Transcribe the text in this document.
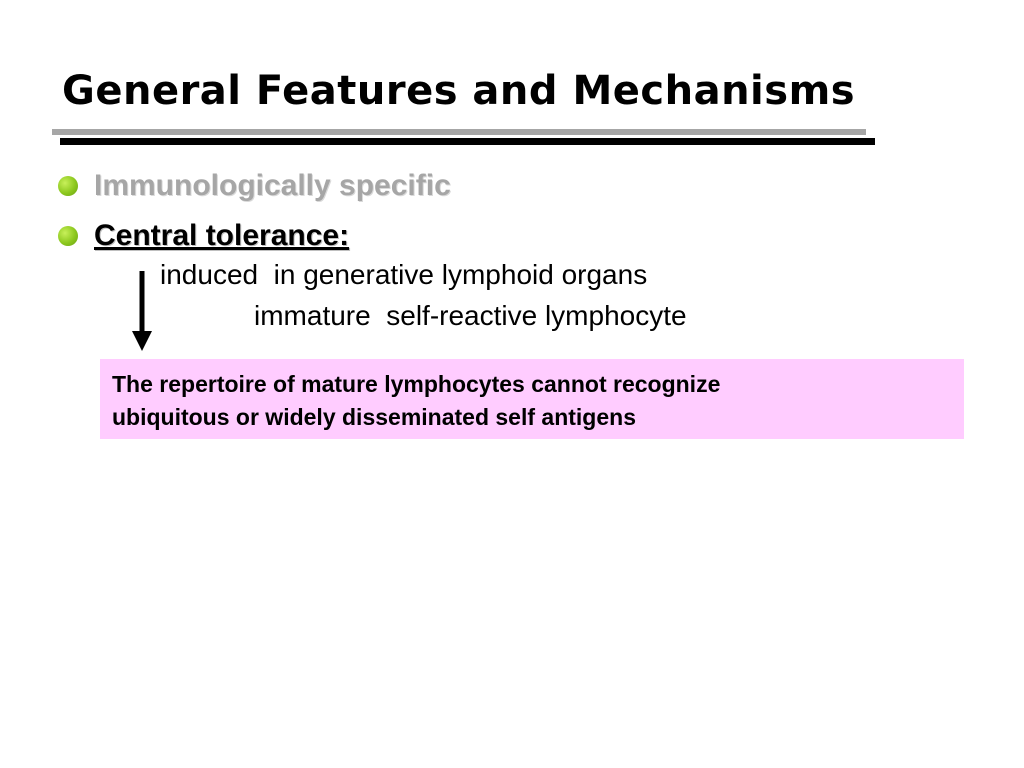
General Features and Mechanisms
Immunologically specific
Central tolerance:
induced  in generative lymphoid organs
immature  self-reactive lymphocyte
The repertoire of mature lymphocytes cannot recognize
ubiquitous or widely disseminated self antigens
